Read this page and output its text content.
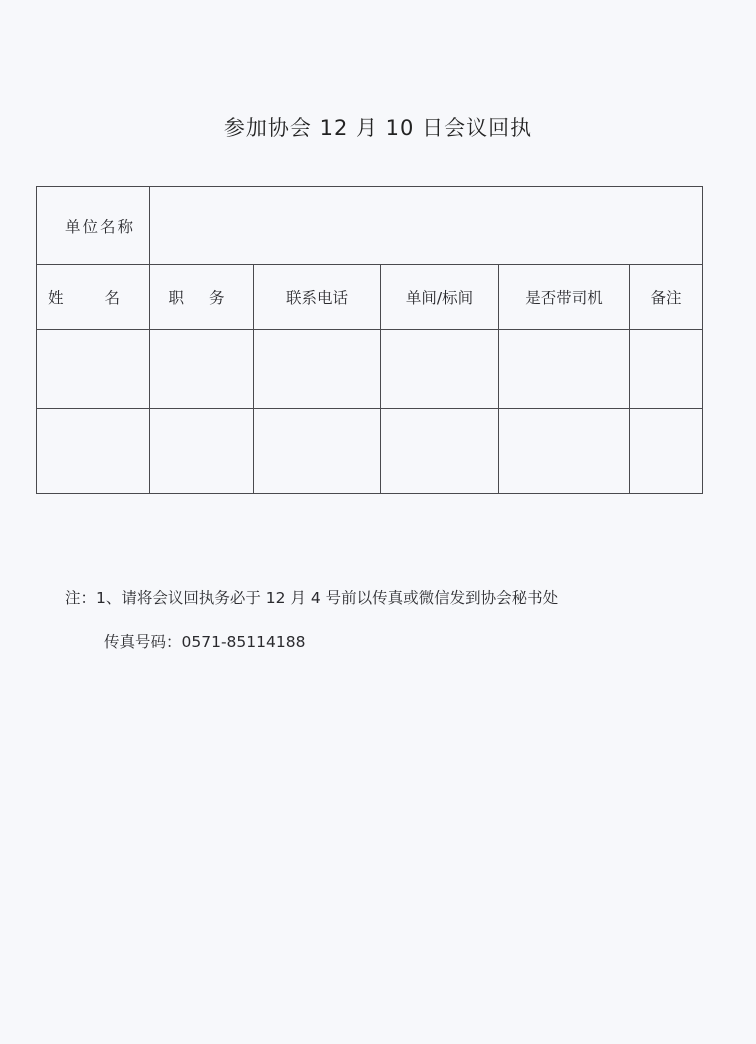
参加协会 12 月 10 日会议回执
单位名称					
姓 名	职 务	联系电话	单间/标间	是否带司机	备注

注：1、请将会议回执务必于 12 月 4 号前以传真或微信发到协会秘书处
传真号码：0571-85114188
